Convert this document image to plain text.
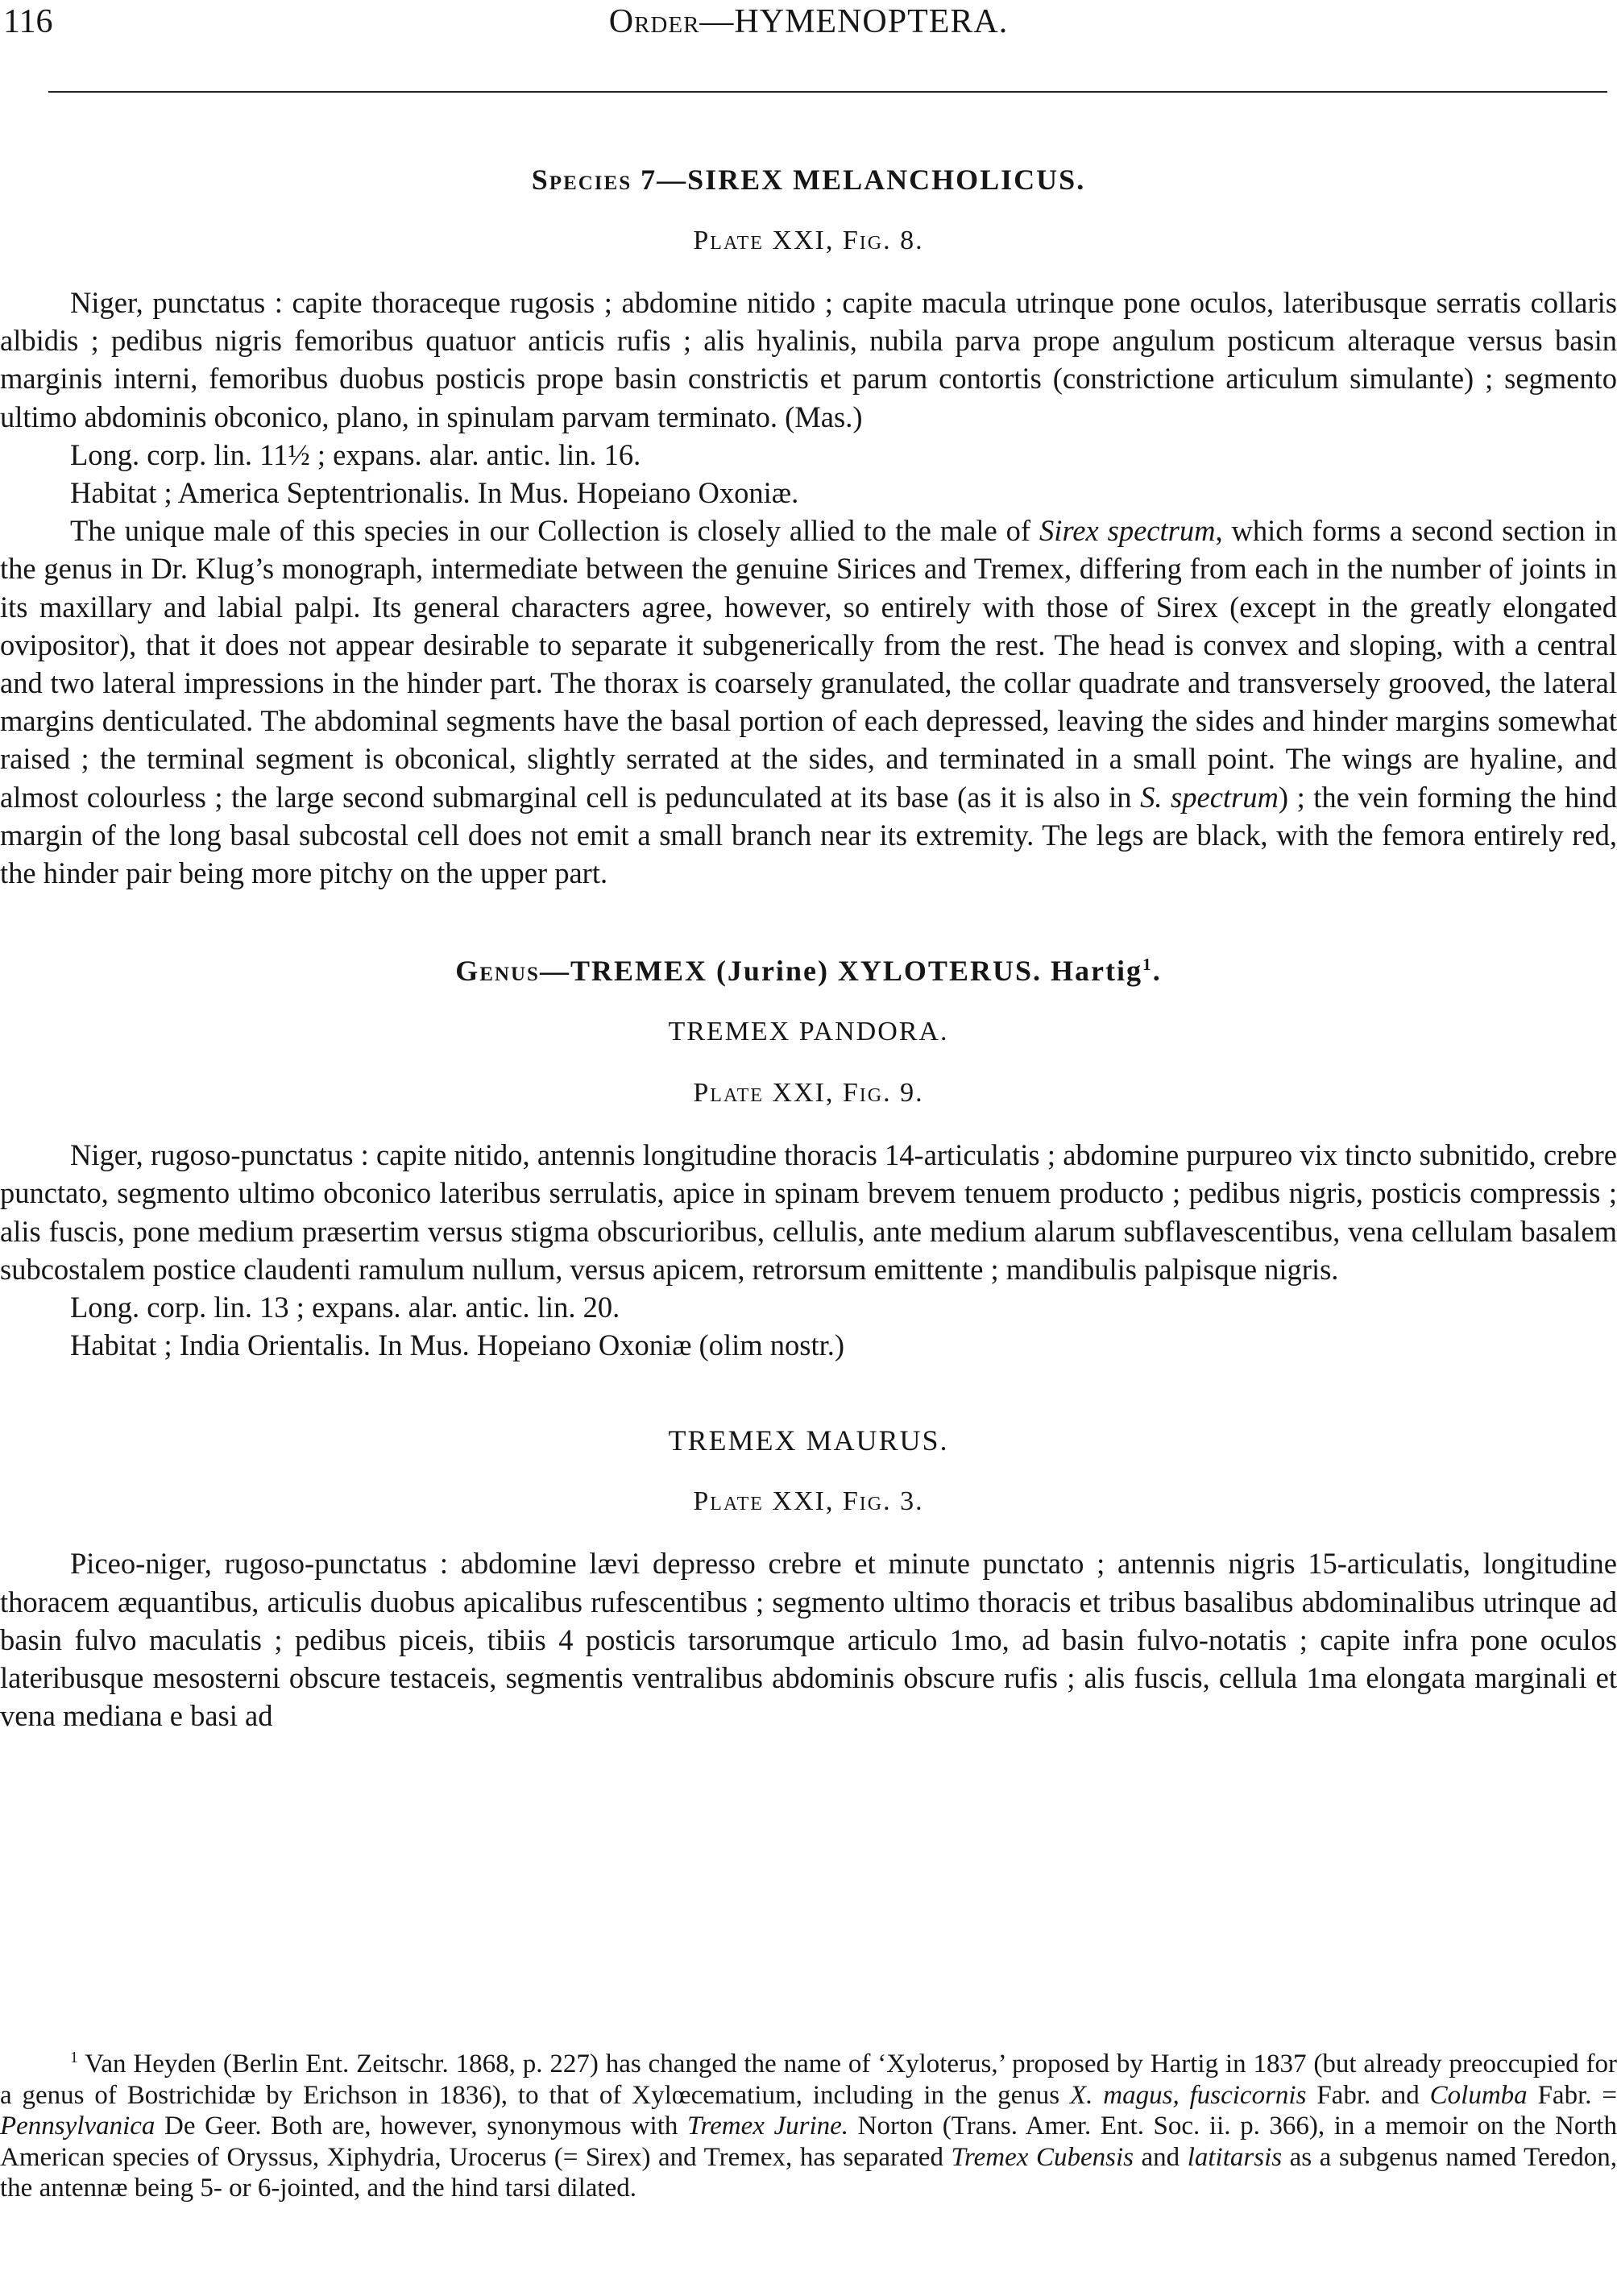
116	Order—HYMENOPTERA.
Species 7—SIREX MELANCHOLICUS.
Plate XXI, Fig. 8.

Niger, punctatus : capite thoraceque rugosis ; abdomine nitido ; capite macula utrinque pone oculos, lateribusque serratis collaris albidis ; pedibus nigris femoribus quatuor anticis rufis ; alis hyalinis, nubila parva prope angulum posticum alteraque versus basin marginis interni, femoribus duobus posticis prope basin constrictis et parum contortis (constrictione articulum simulante) ; segmento ultimo abdominis obconico, plano, in spinulam parvam terminato. (Mas.)

Long. corp. lin. 11½ ; expans. alar. antic. lin. 16.

Habitat ; America Septentrionalis. In Mus. Hopeiano Oxoniæ.

The unique male of this species in our Collection is closely allied to the male of Sirex spectrum, which forms a second section in the genus in Dr. Klug’s monograph, intermediate between the genuine Sirices and Tremex, differing from each in the number of joints in its maxillary and labial palpi. Its general characters agree, however, so entirely with those of Sirex (except in the greatly elongated ovipositor), that it does not appear desirable to separate it subgenerically from the rest. The head is convex and sloping, with a central and two lateral impressions in the hinder part. The thorax is coarsely granulated, the collar quadrate and transversely grooved, the lateral margins denticulated. The abdominal segments have the basal portion of each depressed, leaving the sides and hinder margins somewhat raised ; the terminal segment is obconical, slightly serrated at the sides, and terminated in a small point. The wings are hyaline, and almost colourless ; the large second submarginal cell is pedunculated at its base (as it is also in S. spectrum) ; the vein forming the hind margin of the long basal subcostal cell does not emit a small branch near its extremity. The legs are black, with the femora entirely red, the hinder pair being more pitchy on the upper part.

Genus—TREMEX (Jurine) XYLOTERUS. Hartig$^1$.
TREMEX PANDORA.
Plate XXI, Fig. 9.

Niger, rugoso-punctatus : capite nitido, antennis longitudine thoracis 14-articulatis ; abdomine purpureo vix tincto subnitido, crebre punctato, segmento ultimo obconico lateribus serrulatis, apice in spinam brevem tenuem producto ; pedibus nigris, posticis compressis ; alis fuscis, pone medium præsertim versus stigma obscurioribus, cellulis, ante medium alarum subflavescentibus, vena cellulam basalem subcostalem postice claudenti ramulum nullum, versus apicem, retrorsum emittente ; mandibulis palpisque nigris.

Long. corp. lin. 13 ; expans. alar. antic. lin. 20.

Habitat ; India Orientalis. In Mus. Hopeiano Oxoniæ (olim nostr.)

TREMEX MAURUS.
Plate XXI, Fig. 3.

Piceo-niger, rugoso-punctatus : abdomine lævi depresso crebre et minute punctato ; antennis nigris 15-articulatis, longitudine thoracem æquantibus, articulis duobus apicalibus rufescentibus ; segmento ultimo thoracis et tribus basalibus abdominalibus utrinque ad basin fulvo maculatis ; pedibus piceis, tibiis 4 posticis tarsorumque articulo 1mo, ad basin fulvo-notatis ; capite infra pone oculos lateribusque mesosterni obscure testaceis, segmentis ventralibus abdominis obscure rufis ; alis fuscis, cellula 1ma elongata marginali et vena mediana e basi ad

$^1$ Van Heyden (Berlin Ent. Zeitschr. 1868, p. 227) has changed the name of ‘Xyloterus,’ proposed by Hartig in 1837 (but already preoccupied for a genus of Bostrichidæ by Erichson in 1836), to that of Xylœcematium, including in the genus X. magus, fuscicornis Fabr. and Columba Fabr. = Pennsylvanica De Geer. Both are, however, synonymous with Tremex Jurine. Norton (Trans. Amer. Ent. Soc. ii. p. 366), in a memoir on the North American species of Oryssus, Xiphydria, Urocerus (= Sirex) and Tremex, has separated Tremex Cubensis and latitarsis as a subgenus named Teredon, the antennæ being 5- or 6-jointed, and the hind tarsi dilated.
